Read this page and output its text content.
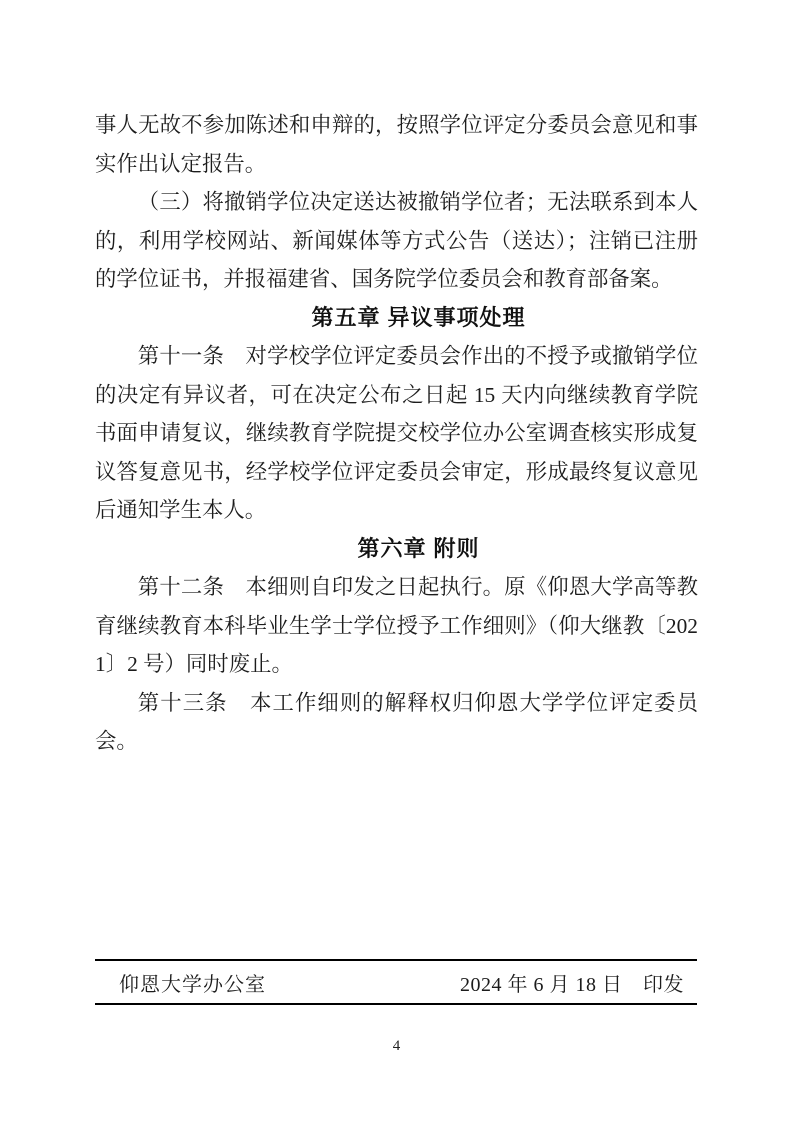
事人无故不参加陈述和申辩的，按照学位评定分委员会意见和事实作出认定报告。

（三）将撤销学位决定送达被撤销学位者；无法联系到本人的，利用学校网站、新闻媒体等方式公告（送达）；注销已注册的学位证书，并报福建省、国务院学位委员会和教育部备案。

第五章 异议事项处理

第十一条　对学校学位评定委员会作出的不授予或撤销学位的决定有异议者，可在决定公布之日起 15 天内向继续教育学院书面申请复议，继续教育学院提交校学位办公室调查核实形成复议答复意见书，经学校学位评定委员会审定，形成最终复议意见后通知学生本人。

第六章 附则

第十二条　本细则自印发之日起执行。原《仰恩大学高等教育继续教育本科毕业生学士学位授予工作细则》（仰大继教〔2021〕2 号）同时废止。

第十三条　本工作细则的解释权归仰恩大学学位评定委员会。

仰恩大学办公室	2024 年 6 月 18 日　印发
4
